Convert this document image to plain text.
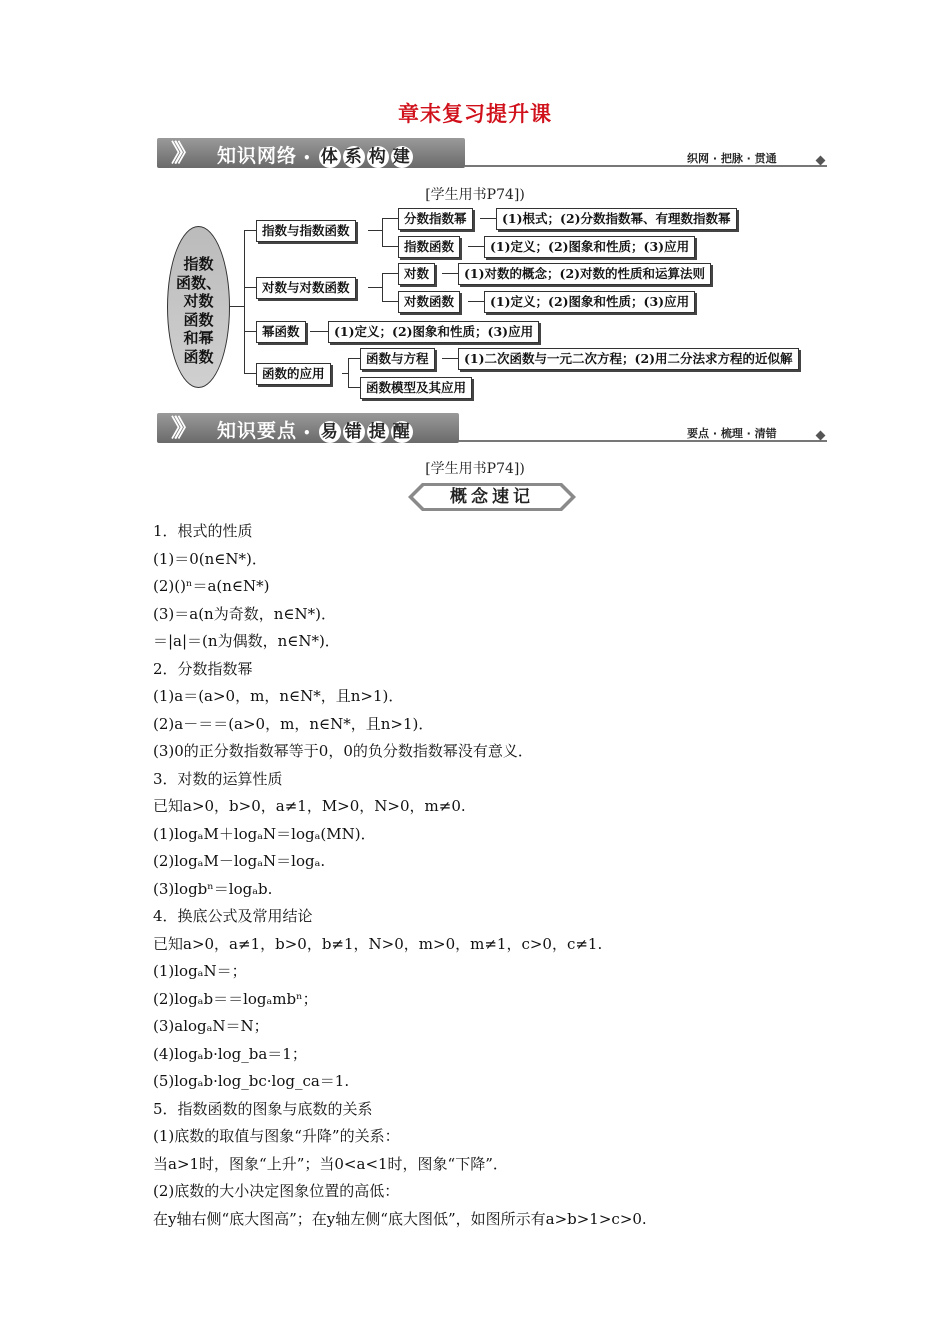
章末复习提升课
》》 知识网络 • 体 系 构 建	织网 · 把脉 · 贯通
[学生用书P74])
指数
函数、
对数
函数
和幂
函数
指数与指数函数
分数指数幂	(1)根式；(2)分数指数幂、有理数指数幂
指数函数	(1)定义；(2)图象和性质；(3)应用
对数与对数函数
对数	(1)对数的概念；(2)对数的性质和运算法则
对数函数	(1)定义；(2)图象和性质；(3)应用
幂函数	(1)定义；(2)图象和性质；(3)应用
函数的应用
函数与方程	(1)二次函数与一元二次方程；(2)用二分法求方程的近似解
函数模型及其应用
》》 知识要点 • 易 错 提 醒	要点 · 梳理 · 清错
[学生用书P74])
概念速记
1．根式的性质
(1)＝0(n∈N*)．
(2)()ⁿ＝a(n∈N*)
(3)＝a(n为奇数，n∈N*)．
＝|a|＝(n为偶数，n∈N*)．
2．分数指数幂
(1)a＝(a>0，m，n∈N*，且n>1)．
(2)a－＝＝(a>0，m，n∈N*，且n>1)．
(3)0的正分数指数幂等于0，0的负分数指数幂没有意义．
3．对数的运算性质
已知a>0，b>0，a≠1，M>0，N>0，m≠0.
(1)logₐM＋logₐN＝logₐ(MN)．
(2)logₐM－logₐN＝logₐ.
(3)logbⁿ＝logₐb.
4．换底公式及常用结论
已知a>0，a≠1，b>0，b≠1，N>0，m>0，m≠1，c>0，c≠1.
(1)logₐN＝；
(2)logₐb＝＝logₐmbⁿ；
(3)alogₐN＝N；
(4)logₐb·log_ba＝1；
(5)logₐb·log_bc·log_ca＝1.
5．指数函数的图象与底数的关系
(1)底数的取值与图象“升降”的关系：
当a>1时，图象“上升”；当0<a<1时，图象“下降”．
(2)底数的大小决定图象位置的高低：
在y轴右侧“底大图高”；在y轴左侧“底大图低”，如图所示有a>b>1>c>0.
